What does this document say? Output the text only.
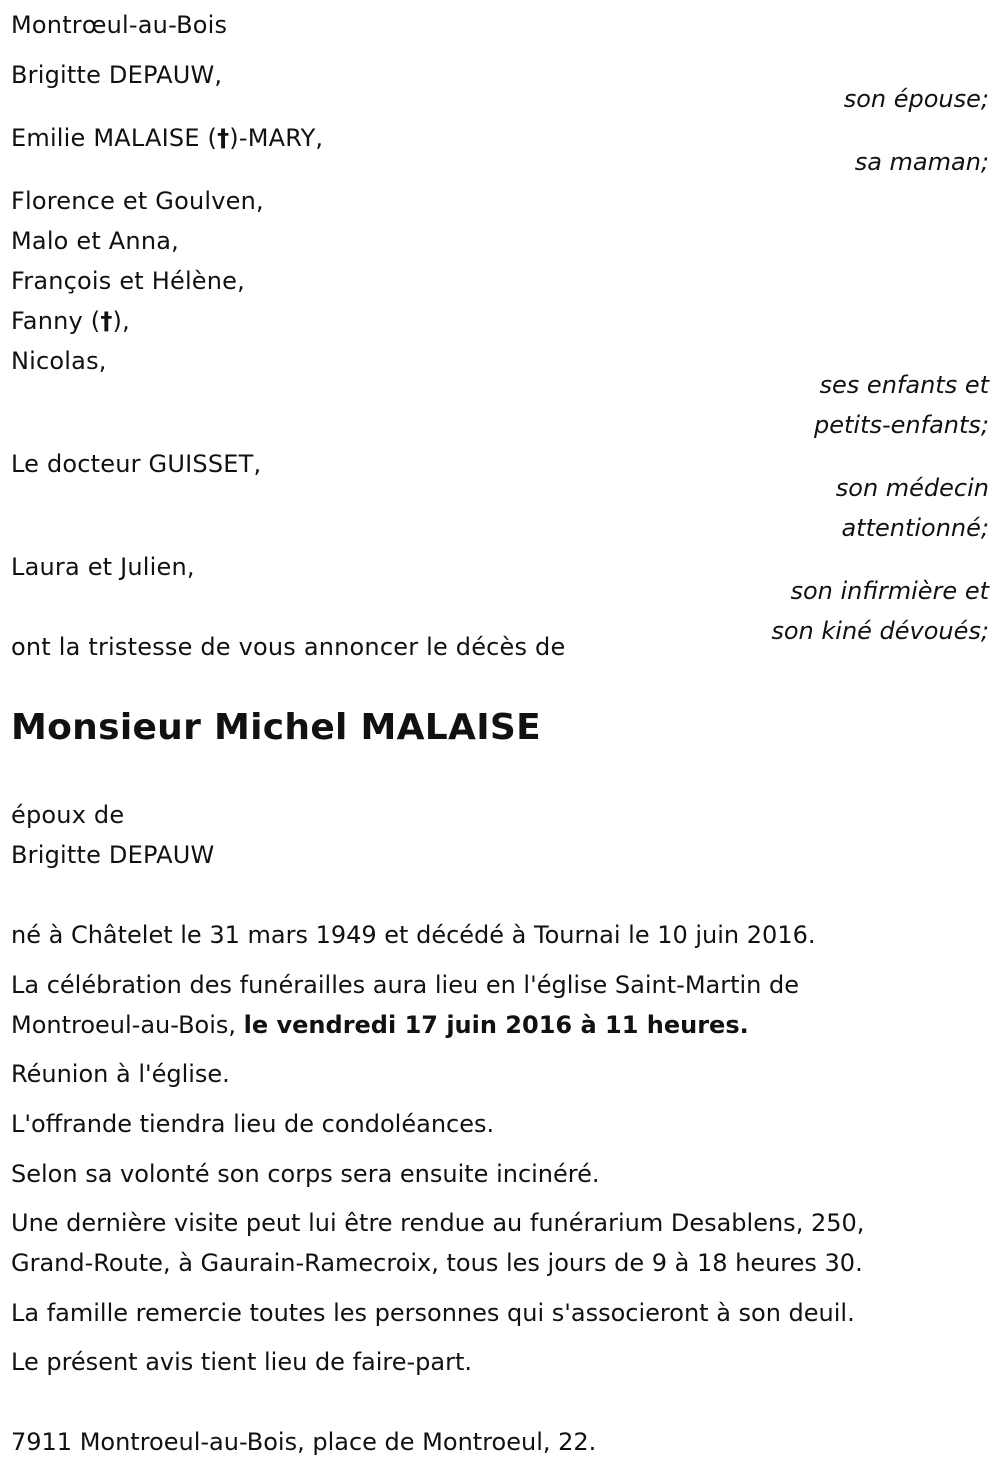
Montrœul-au-Bois
Brigitte DEPAUW,
son épouse;
Emilie MALAISE (†)-MARY,
sa maman;
Florence et Goulven,
Malo et Anna,
François et Hélène,
Fanny (†),
Nicolas,
ses enfants et
petits-enfants;
Le docteur GUISSET,
son médecin
attentionné;
Laura et Julien,
son infirmière et
son kiné dévoués;
ont la tristesse de vous annoncer le décès de
Monsieur Michel MALAISE
époux de
Brigitte DEPAUW
né à Châtelet le 31 mars 1949 et décédé à Tournai le 10 juin 2016.
La célébration des funérailles aura lieu en l'église Saint-Martin de
Montroeul-au-Bois, le vendredi 17 juin 2016 à 11 heures.
Réunion à l'église.
L'offrande tiendra lieu de condoléances.
Selon sa volonté son corps sera ensuite incinéré.
Une dernière visite peut lui être rendue au funérarium Desablens, 250,
Grand-Route, à Gaurain-Ramecroix, tous les jours de 9 à 18 heures 30.
La famille remercie toutes les personnes qui s'associeront à son deuil.
Le présent avis tient lieu de faire-part.
7911 Montroeul-au-Bois, place de Montroeul, 22.
